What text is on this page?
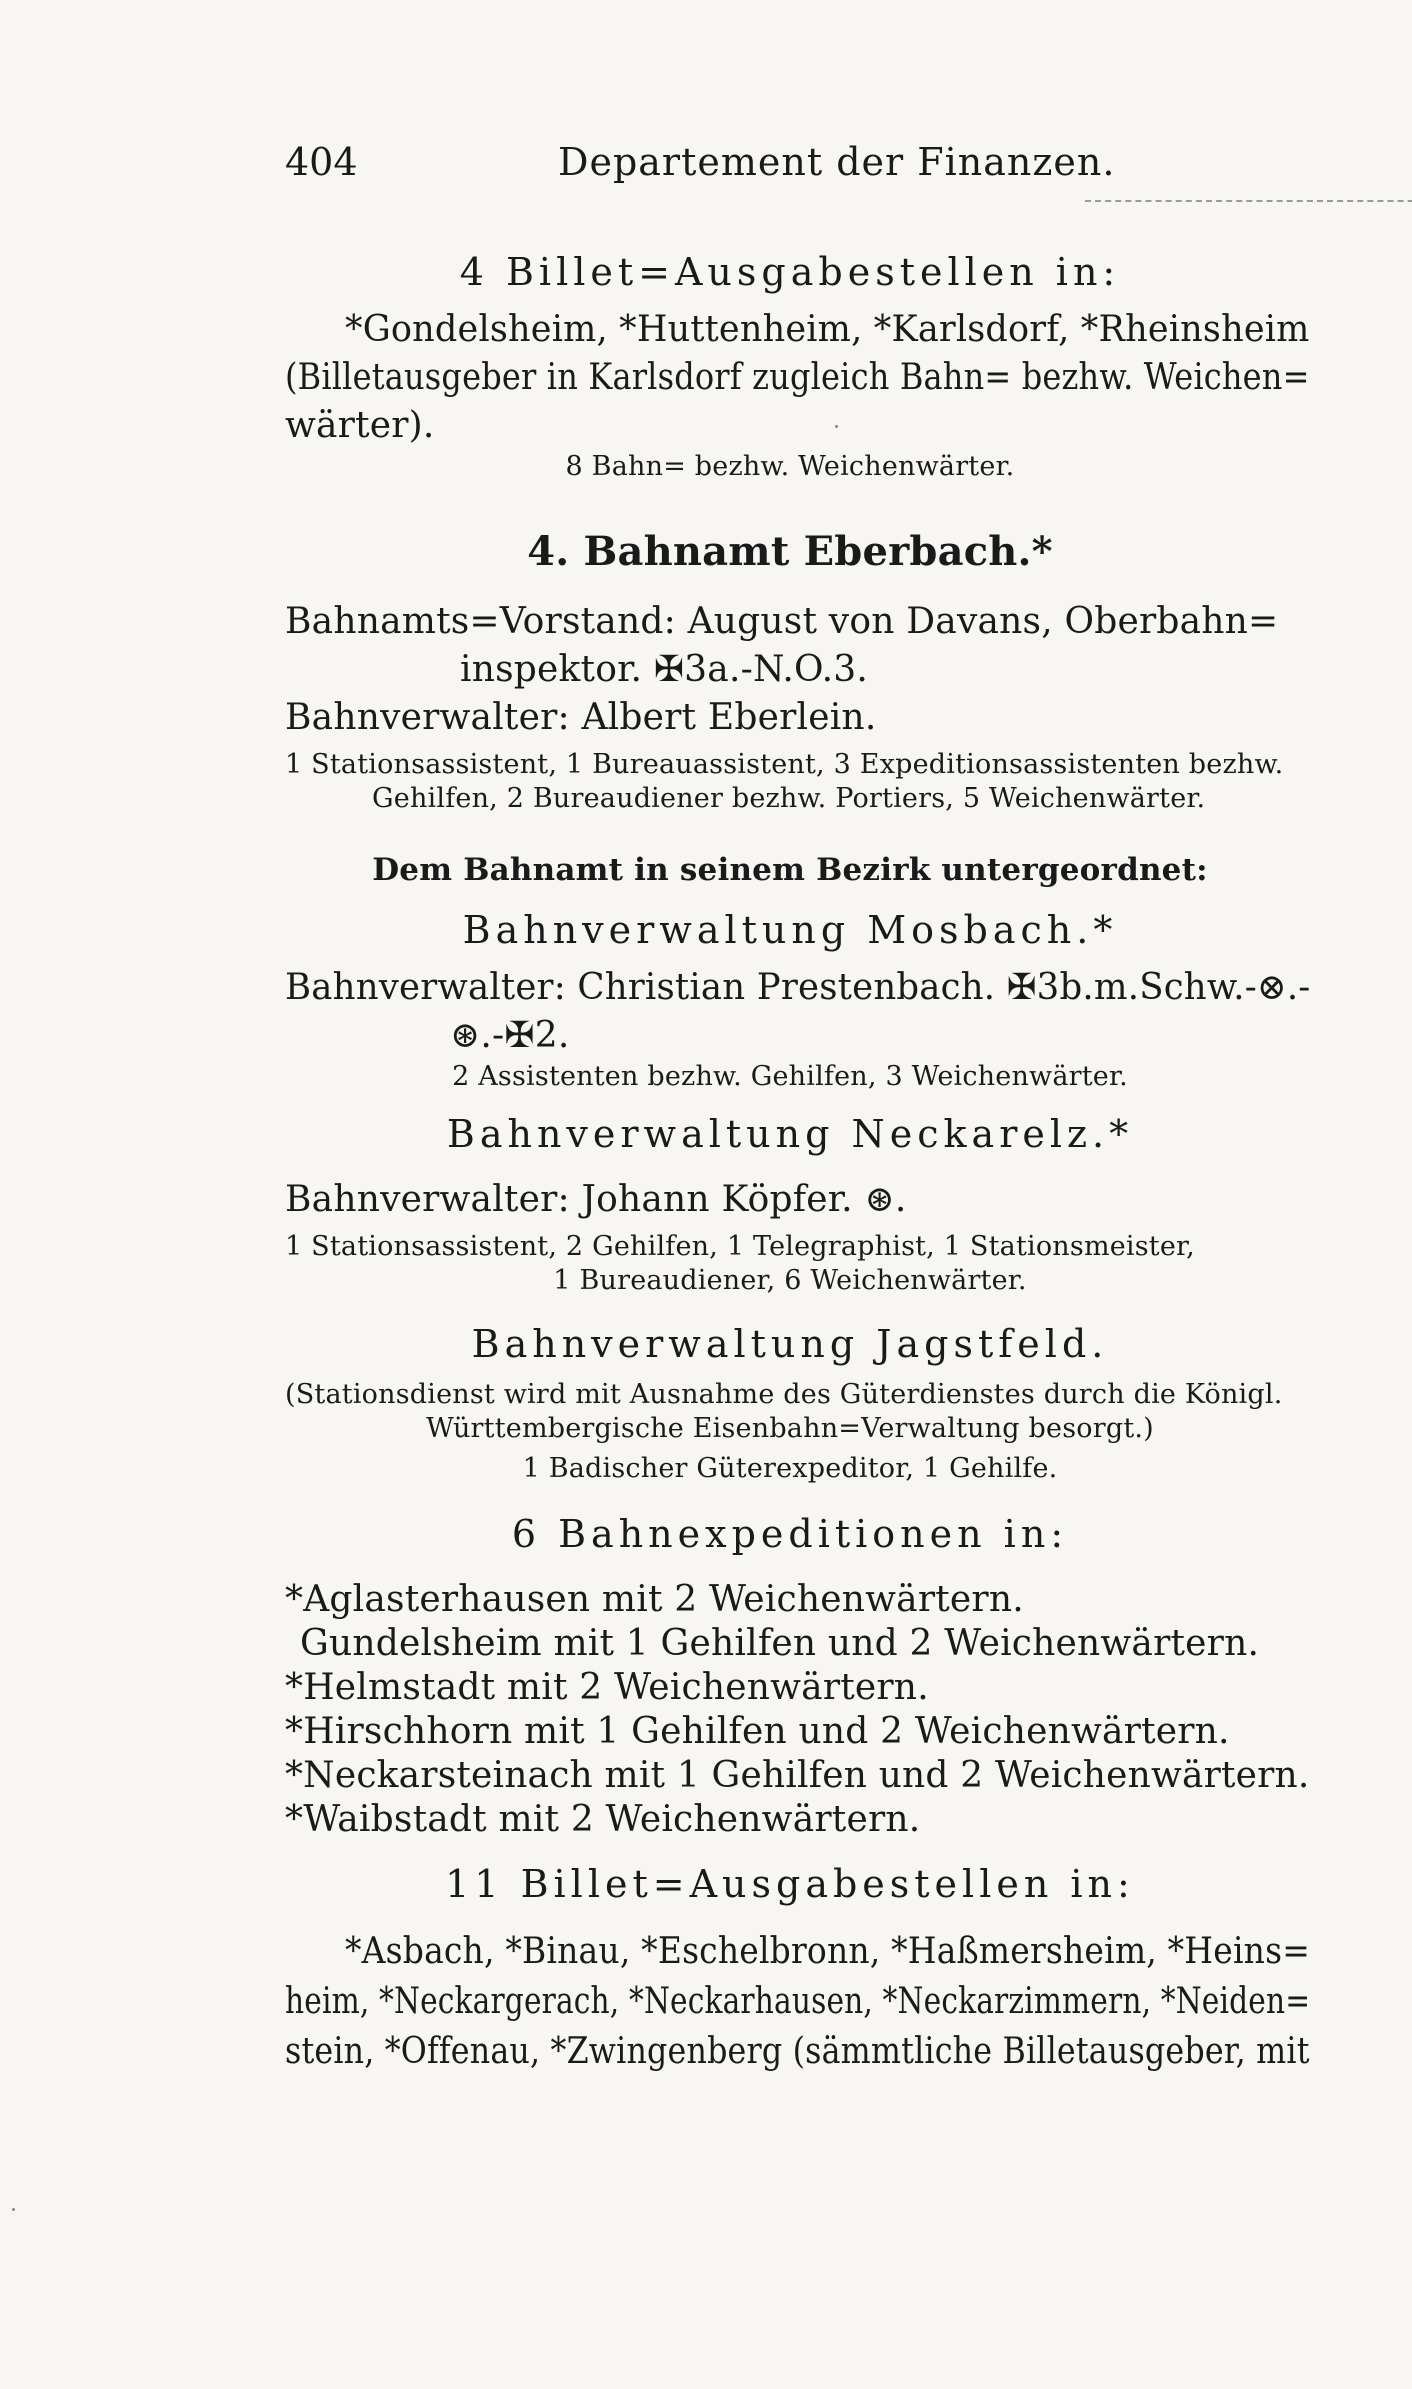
404	Departement der Finanzen.
4 Billet=Ausgabestellen in:
*Gondelsheim, *Huttenheim, *Karlsdorf, *Rheinsheim
(Billetausgeber in Karlsdorf zugleich Bahn= bezhw. Weichen=
wärter).
8 Bahn= bezhw. Weichenwärter.
4. Bahnamt Eberbach.*
Bahnamts=Vorstand: August von Davans, Oberbahn=
inspektor. ✠3a.-N.O.3.
Bahnverwalter: Albert Eberlein.
1 Stationsassistent, 1 Bureauassistent, 3 Expeditionsassistenten bezhw.
Gehilfen, 2 Bureaudiener bezhw. Portiers, 5 Weichenwärter.
Dem Bahnamt in seinem Bezirk untergeordnet:
Bahnverwaltung Mosbach.*
Bahnverwalter: Christian Prestenbach. ✠3b.m.Schw.-⊗.-
⊛.-✠2.
2 Assistenten bezhw. Gehilfen, 3 Weichenwärter.
Bahnverwaltung Neckarelz.*
Bahnverwalter: Johann Köpfer. ⊛.
1 Stationsassistent, 2 Gehilfen, 1 Telegraphist, 1 Stationsmeister,
1 Bureaudiener, 6 Weichenwärter.
Bahnverwaltung Jagstfeld.
(Stationsdienst wird mit Ausnahme des Güterdienstes durch die Königl.
Württembergische Eisenbahn=Verwaltung besorgt.)
1 Badischer Güterexpeditor, 1 Gehilfe.
6 Bahnexpeditionen in:
*Aglasterhausen mit 2 Weichenwärtern.
Gundelsheim mit 1 Gehilfen und 2 Weichenwärtern.
*Helmstadt mit 2 Weichenwärtern.
*Hirschhorn mit 1 Gehilfen und 2 Weichenwärtern.
*Neckarsteinach mit 1 Gehilfen und 2 Weichenwärtern.
*Waibstadt mit 2 Weichenwärtern.
11 Billet=Ausgabestellen in:
*Asbach, *Binau, *Eschelbronn, *Haßmersheim, *Heins=
heim, *Neckargerach, *Neckarhausen, *Neckarzimmern, *Neiden=
stein, *Offenau, *Zwingenberg (sämmtliche Billetausgeber, mit
